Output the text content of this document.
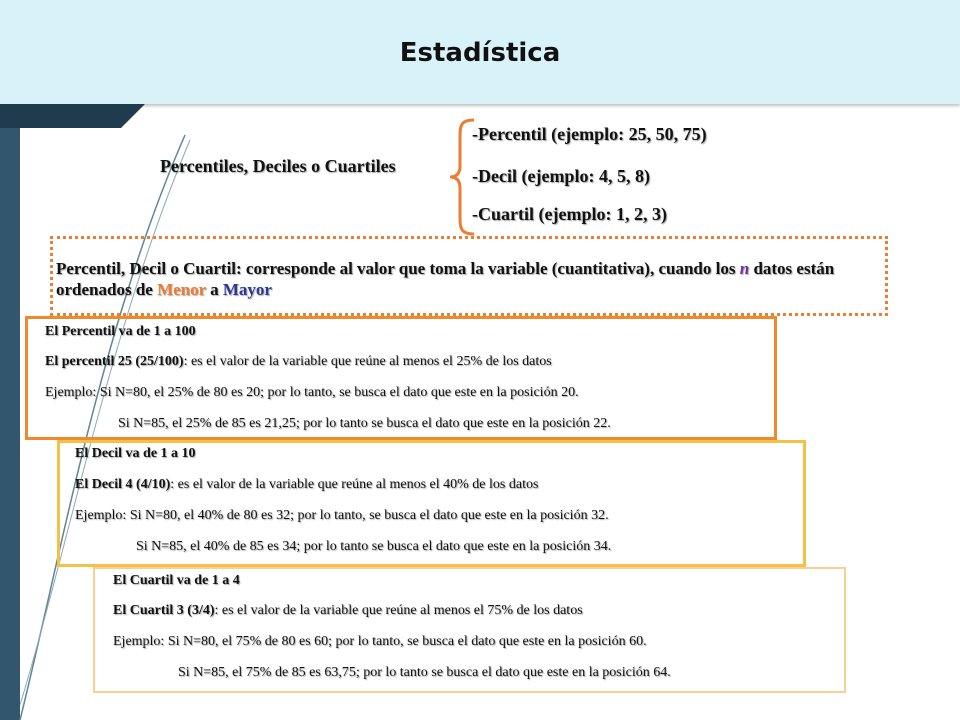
Estadística
Percentiles, Deciles o Cuartiles
-Percentil (ejemplo: 25, 50, 75)
-Decil (ejemplo: 4, 5, 8)
-Cuartil (ejemplo: 1, 2, 3)
Percentil, Decil o Cuartil: corresponde al valor que toma la variable (cuantitativa), cuando los n datos están ordenados de Menor a Mayor
El Percentil va de 1 a 100
El percentil 25 (25/100): es el valor de la variable que reúne al menos el 25% de los datos
Ejemplo: Si N=80, el 25% de 80 es 20; por lo tanto, se busca el dato que este en la posición 20.
Si N=85, el 25% de 85 es 21,25; por lo tanto se busca el dato que este en la posición 22.
El Decil va de 1 a 10
El Decil 4 (4/10): es el valor de la variable que reúne al menos el 40% de los datos
Ejemplo: Si N=80, el 40% de 80 es 32; por lo tanto, se busca el dato que este en la posición 32.
Si N=85, el 40% de 85 es 34; por lo tanto se busca el dato que este en la posición 34.
El Cuartil va de 1 a 4
El Cuartil 3 (3/4): es el valor de la variable que reúne al menos el 75% de los datos
Ejemplo: Si N=80, el 75% de 80 es 60; por lo tanto, se busca el dato que este en la posición 60.
Si N=85, el 75% de 85 es 63,75; por lo tanto se busca el dato que este en la posición 64.
